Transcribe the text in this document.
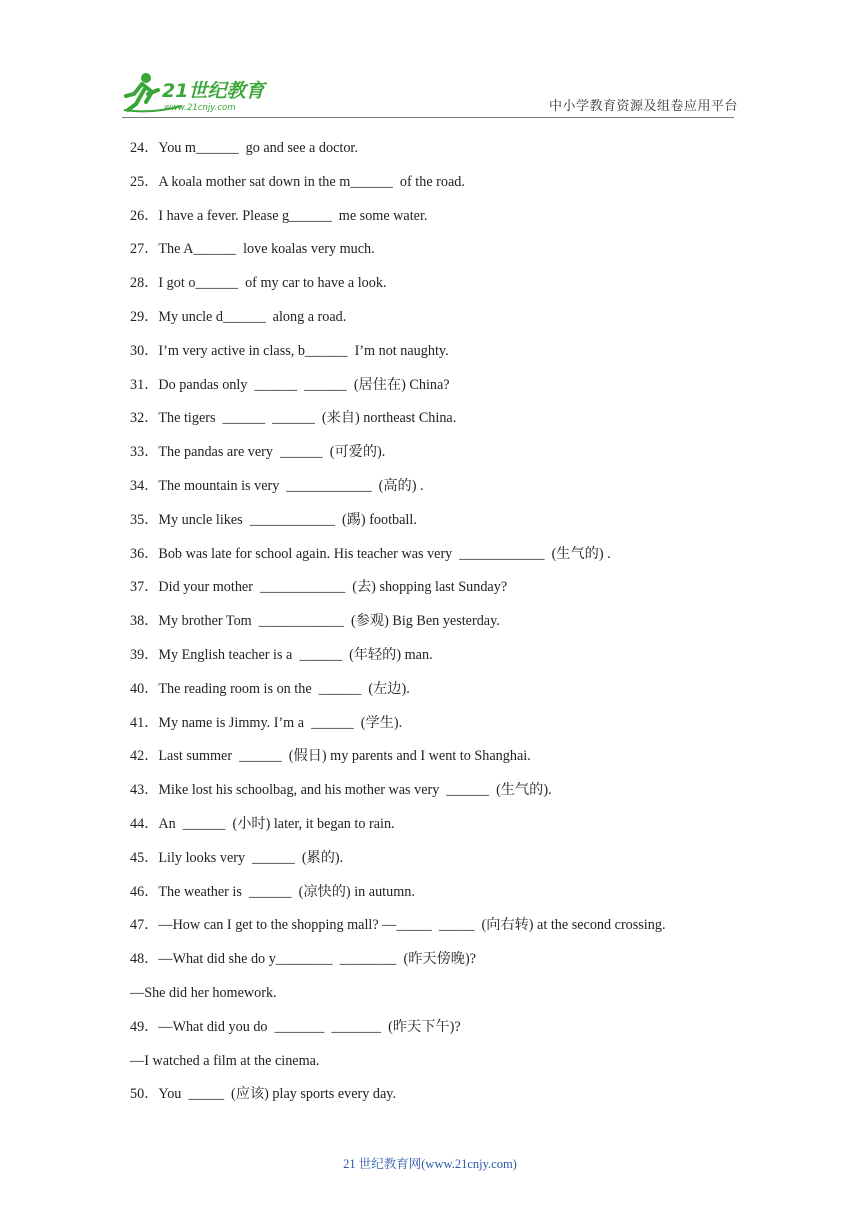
21世纪教育
www.21cnjy.com	中小学教育资源及组卷应用平台
24．You m______  go and see a doctor.
25．A koala mother sat down in the m______  of the road.
26．I have a fever. Please g______  me some water.
27．The A______  love koalas very much.
28．I got o______  of my car to have a look.
29．My uncle d______  along a road.
30．I’m very active in class, b______  I’m not naughty.
31．Do pandas only  ______  ______  (居住在) China?
32．The tigers  ______  ______  (来自) northeast China.
33．The pandas are very  ______  (可爱的).
34．The mountain is very  ____________  (高的) .
35．My uncle likes  ____________  (踢) football.
36．Bob was late for school again. His teacher was very  ____________  (生气的) .
37．Did your mother  ____________  (去) shopping last Sunday?
38．My brother Tom  ____________  (参观) Big Ben yesterday.
39．My English teacher is a  ______  (年轻的) man.
40．The reading room is on the  ______  (左边).
41．My name is Jimmy. I’m a  ______  (学生).
42．Last summer  ______  (假日) my parents and I went to Shanghai.
43．Mike lost his schoolbag, and his mother was very  ______  (生气的).
44．An  ______  (小时) later, it began to rain.
45．Lily looks very  ______  (累的).
46．The weather is  ______  (凉快的) in autumn.
47．—How can I get to the shopping mall? —_____  _____  (向右转) at the second crossing.
48．—What did she do y________  ________  (昨天傍晚)?
—She did her homework.
49．—What did you do  _______  _______  (昨天下午)?
—I watched a film at the cinema.
50．You  _____  (应该) play sports every day.
21 世纪教育网(www.21cnjy.com)
